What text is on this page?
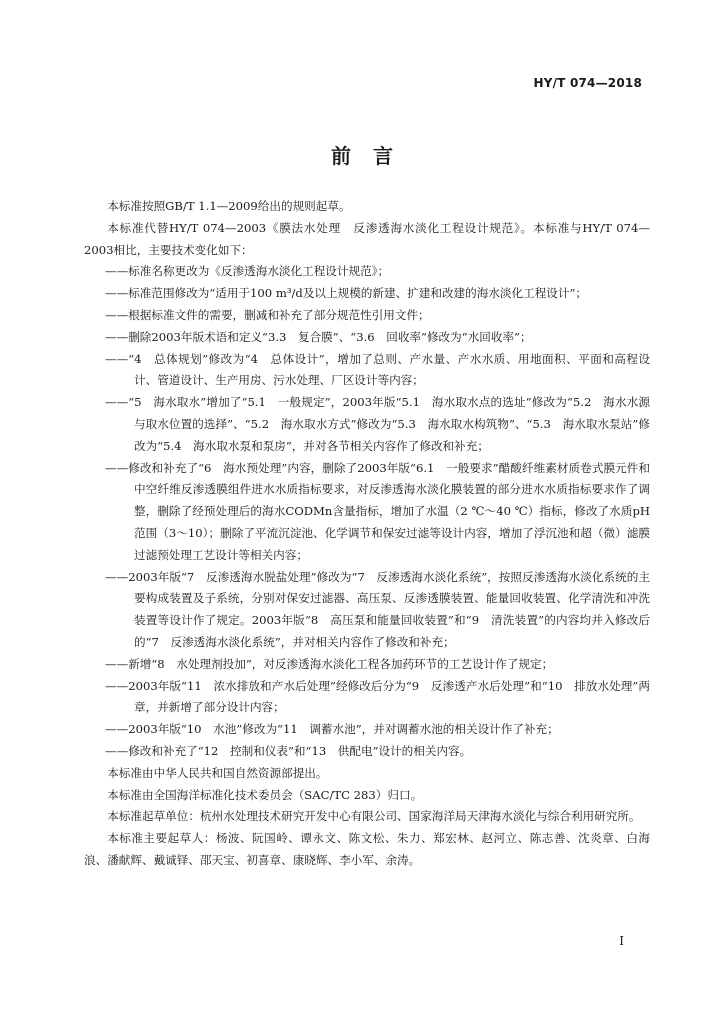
HY/T 074—2018
前言

本标准按照GB/T 1.1—2009给出的规则起草。

本标准代替HY/T 074—2003《膜法水处理　反渗透海水淡化工程设计规范》。本标准与HY/T 074—2003相比，主要技术变化如下：

——标准名称更改为《反渗透海水淡化工程设计规范》；

——标准范围修改为“适用于100 m³/d及以上规模的新建、扩建和改建的海水淡化工程设计”；

——根据标准文件的需要，删减和补充了部分规范性引用文件；

——删除2003年版术语和定义“3.3　复合膜”、“3.6　回收率”修改为“水回收率”；

——“4　总体规划”修改为“4　总体设计”，增加了总则、产水量、产水水质、用地面积、平面和高程设计、管道设计、生产用房、污水处理、厂区设计等内容；

——“5　海水取水”增加了“5.1　一般规定”，2003年版“5.1　海水取水点的选址”修改为“5.2　海水水源与取水位置的选择”、“5.2　海水取水方式”修改为“5.3　海水取水构筑物”、“5.3　海水取水泵站”修改为“5.4　海水取水泵和泵房”，并对各节相关内容作了修改和补充；

——修改和补充了“6　海水预处理”内容，删除了2003年版“6.1　一般要求”醋酸纤维素材质卷式膜元件和中空纤维反渗透膜组件进水水质指标要求，对反渗透海水淡化膜装置的部分进水水质指标要求作了调整，删除了经预处理后的海水CODMn含量指标，增加了水温（2 ℃～40 ℃）指标，修改了水质pH范围（3～10）；删除了平流沉淀池、化学调节和保安过滤等设计内容，增加了浮沉池和超（微）滤膜过滤预处理工艺设计等相关内容；

——2003年版“7　反渗透海水脱盐处理”修改为“7　反渗透海水淡化系统”，按照反渗透海水淡化系统的主要构成装置及子系统，分别对保安过滤器、高压泵、反渗透膜装置、能量回收装置、化学清洗和冲洗装置等设计作了规定。2003年版“8　高压泵和能量回收装置”和“9　清洗装置”的内容均并入修改后的“7　反渗透海水淡化系统”，并对相关内容作了修改和补充；

——新增“8　水处理剂投加”，对反渗透海水淡化工程各加药环节的工艺设计作了规定；

——2003年版“11　浓水排放和产水后处理”经修改后分为“9　反渗透产水后处理”和“10　排放水处理”两章，并新增了部分设计内容；

——2003年版“10　水池”修改为“11　调蓄水池”，并对调蓄水池的相关设计作了补充；

——修改和补充了“12　控制和仪表”和“13　供配电”设计的相关内容。

本标准由中华人民共和国自然资源部提出。

本标准由全国海洋标准化技术委员会（SAC/TC 283）归口。

本标准起草单位：杭州水处理技术研究开发中心有限公司、国家海洋局天津海水淡化与综合利用研究所。

本标准主要起草人：杨波、阮国岭、谭永文、陈文松、朱力、郑宏林、赵河立、陈志善、沈炎章、白海浪、潘献辉、戴诚铎、邵天宝、初喜章、康晓辉、李小军、余涛。

I
